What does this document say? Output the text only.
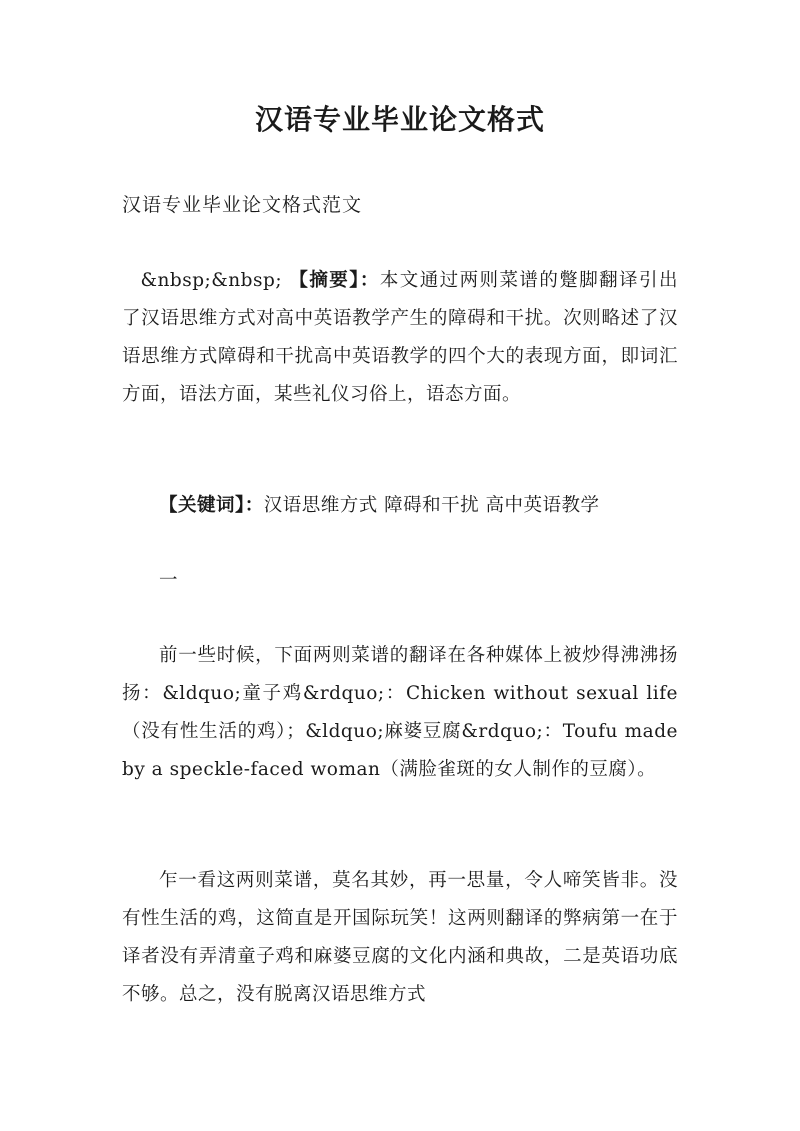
汉语专业毕业论文格式
汉语专业毕业论文格式范文
&nbsp;&nbsp; 【摘要】：本文通过两则菜谱的蹩脚翻译引出了汉语思维方式对高中英语教学产生的障碍和干扰。次则略述了汉语思维方式障碍和干扰高中英语教学的四个大的表现方面，即词汇方面，语法方面，某些礼仪习俗上，语态方面。
【关键词】：汉语思维方式 障碍和干扰 高中英语教学
一
前一些时候，下面两则菜谱的翻译在各种媒体上被炒得沸沸扬扬：&ldquo;童子鸡&rdquo;：Chicken without sexual life （没有性生活的鸡）；&ldquo;麻婆豆腐&rdquo;：Toufu made by a speckle-faced woman（满脸雀斑的女人制作的豆腐）。
乍一看这两则菜谱，莫名其妙，再一思量，令人啼笑皆非。没有性生活的鸡，这简直是开国际玩笑！这两则翻译的弊病第一在于译者没有弄清童子鸡和麻婆豆腐的文化内涵和典故，二是英语功底不够。总之，没有脱离汉语思维方式
